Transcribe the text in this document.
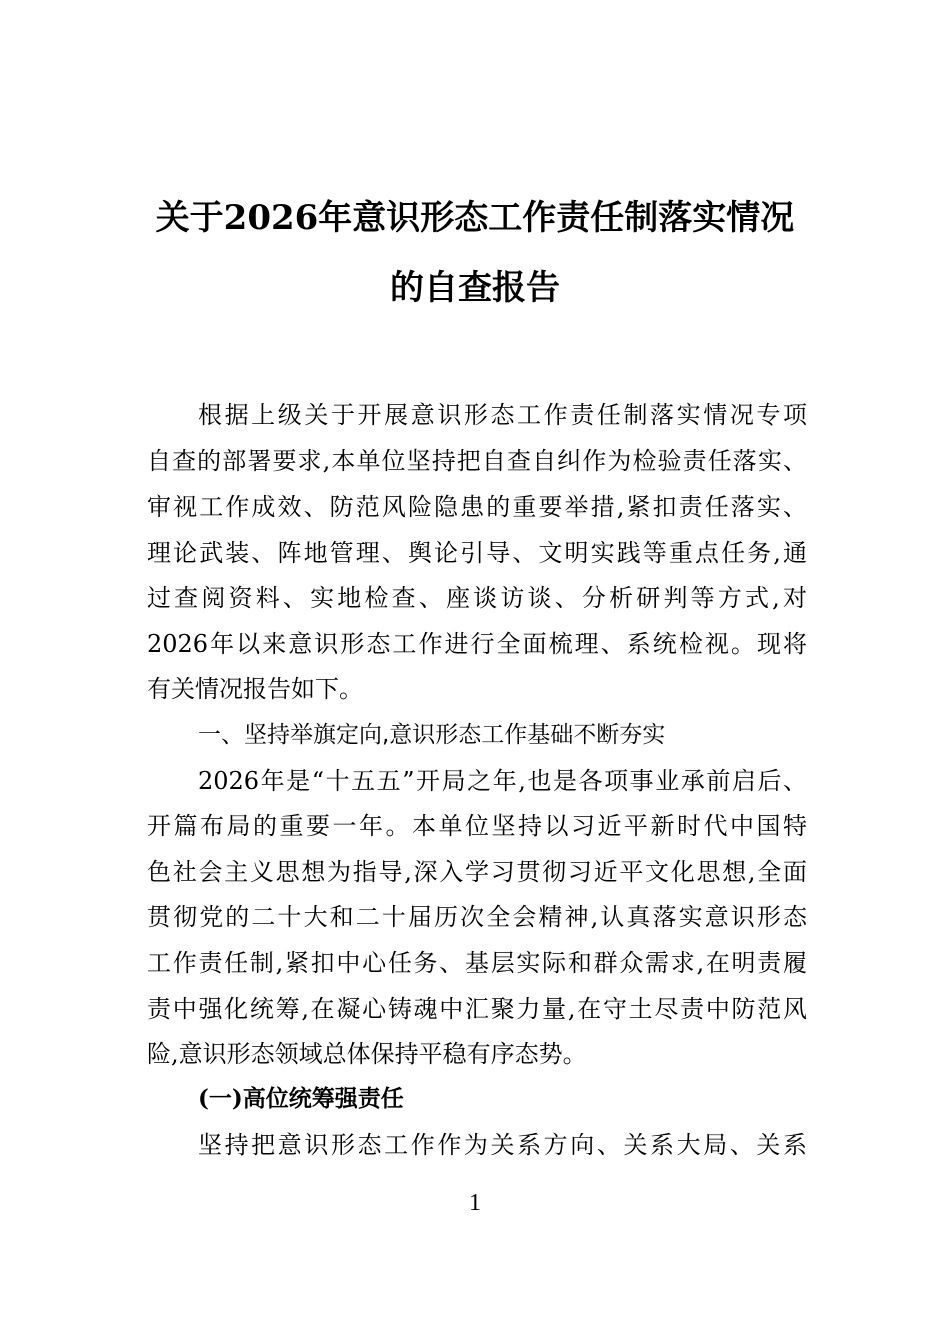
关于2026年意识形态工作责任制落实情况
的自查报告
根据上级关于开展意识形态工作责任制落实情况专项
自查的部署要求,本单位坚持把自查自纠作为检验责任落实、
审视工作成效、防范风险隐患的重要举措,紧扣责任落实、
理论武装、阵地管理、舆论引导、文明实践等重点任务,通
过查阅资料、实地检查、座谈访谈、分析研判等方式,对
2026年以来意识形态工作进行全面梳理、系统检视。现将
有关情况报告如下。
一、坚持举旗定向,意识形态工作基础不断夯实
2026年是“十五五”开局之年,也是各项事业承前启后、
开篇布局的重要一年。本单位坚持以习近平新时代中国特
色社会主义思想为指导,深入学习贯彻习近平文化思想,全面
贯彻党的二十大和二十届历次全会精神,认真落实意识形态
工作责任制,紧扣中心任务、基层实际和群众需求,在明责履
责中强化统筹,在凝心铸魂中汇聚力量,在守土尽责中防范风
险,意识形态领域总体保持平稳有序态势。
(一)高位统筹强责任
坚持把意识形态工作作为关系方向、关系大局、关系
1
